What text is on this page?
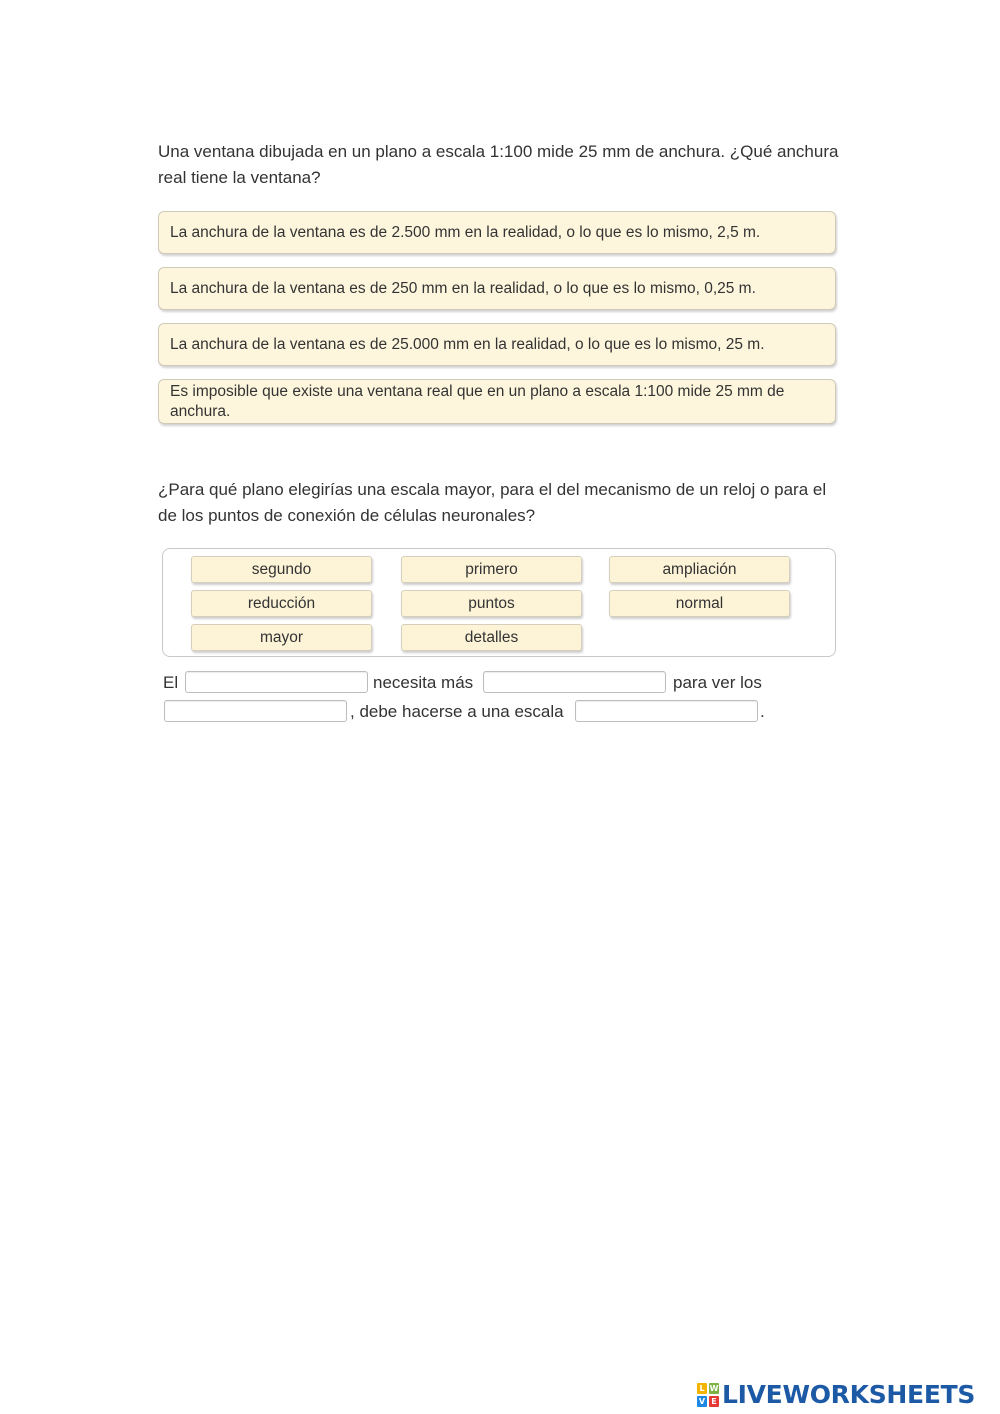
Una ventana dibujada en un plano a escala 1:100 mide 25 mm de anchura. ¿Qué anchura real tiene la ventana?

La anchura de la ventana es de 2.500 mm en la realidad, o lo que es lo mismo, 2,5 m.
La anchura de la ventana es de 250 mm en la realidad, o lo que es lo mismo, 0,25 m.
La anchura de la ventana es de 25.000 mm en la realidad, o lo que es lo mismo, 25 m.
Es imposible que existe una ventana real que en un plano a escala 1:100 mide 25 mm de anchura.

¿Para qué plano elegirías una escala mayor, para el del mecanismo de un reloj o para el de los puntos de conexión de células neuronales?

segundo	primero	ampliación
reducción	puntos	normal
mayor	detalles
El	necesita más	para ver los
, debe hacerse a una escala	.
L W
V E LIVEWORKSHEETS
